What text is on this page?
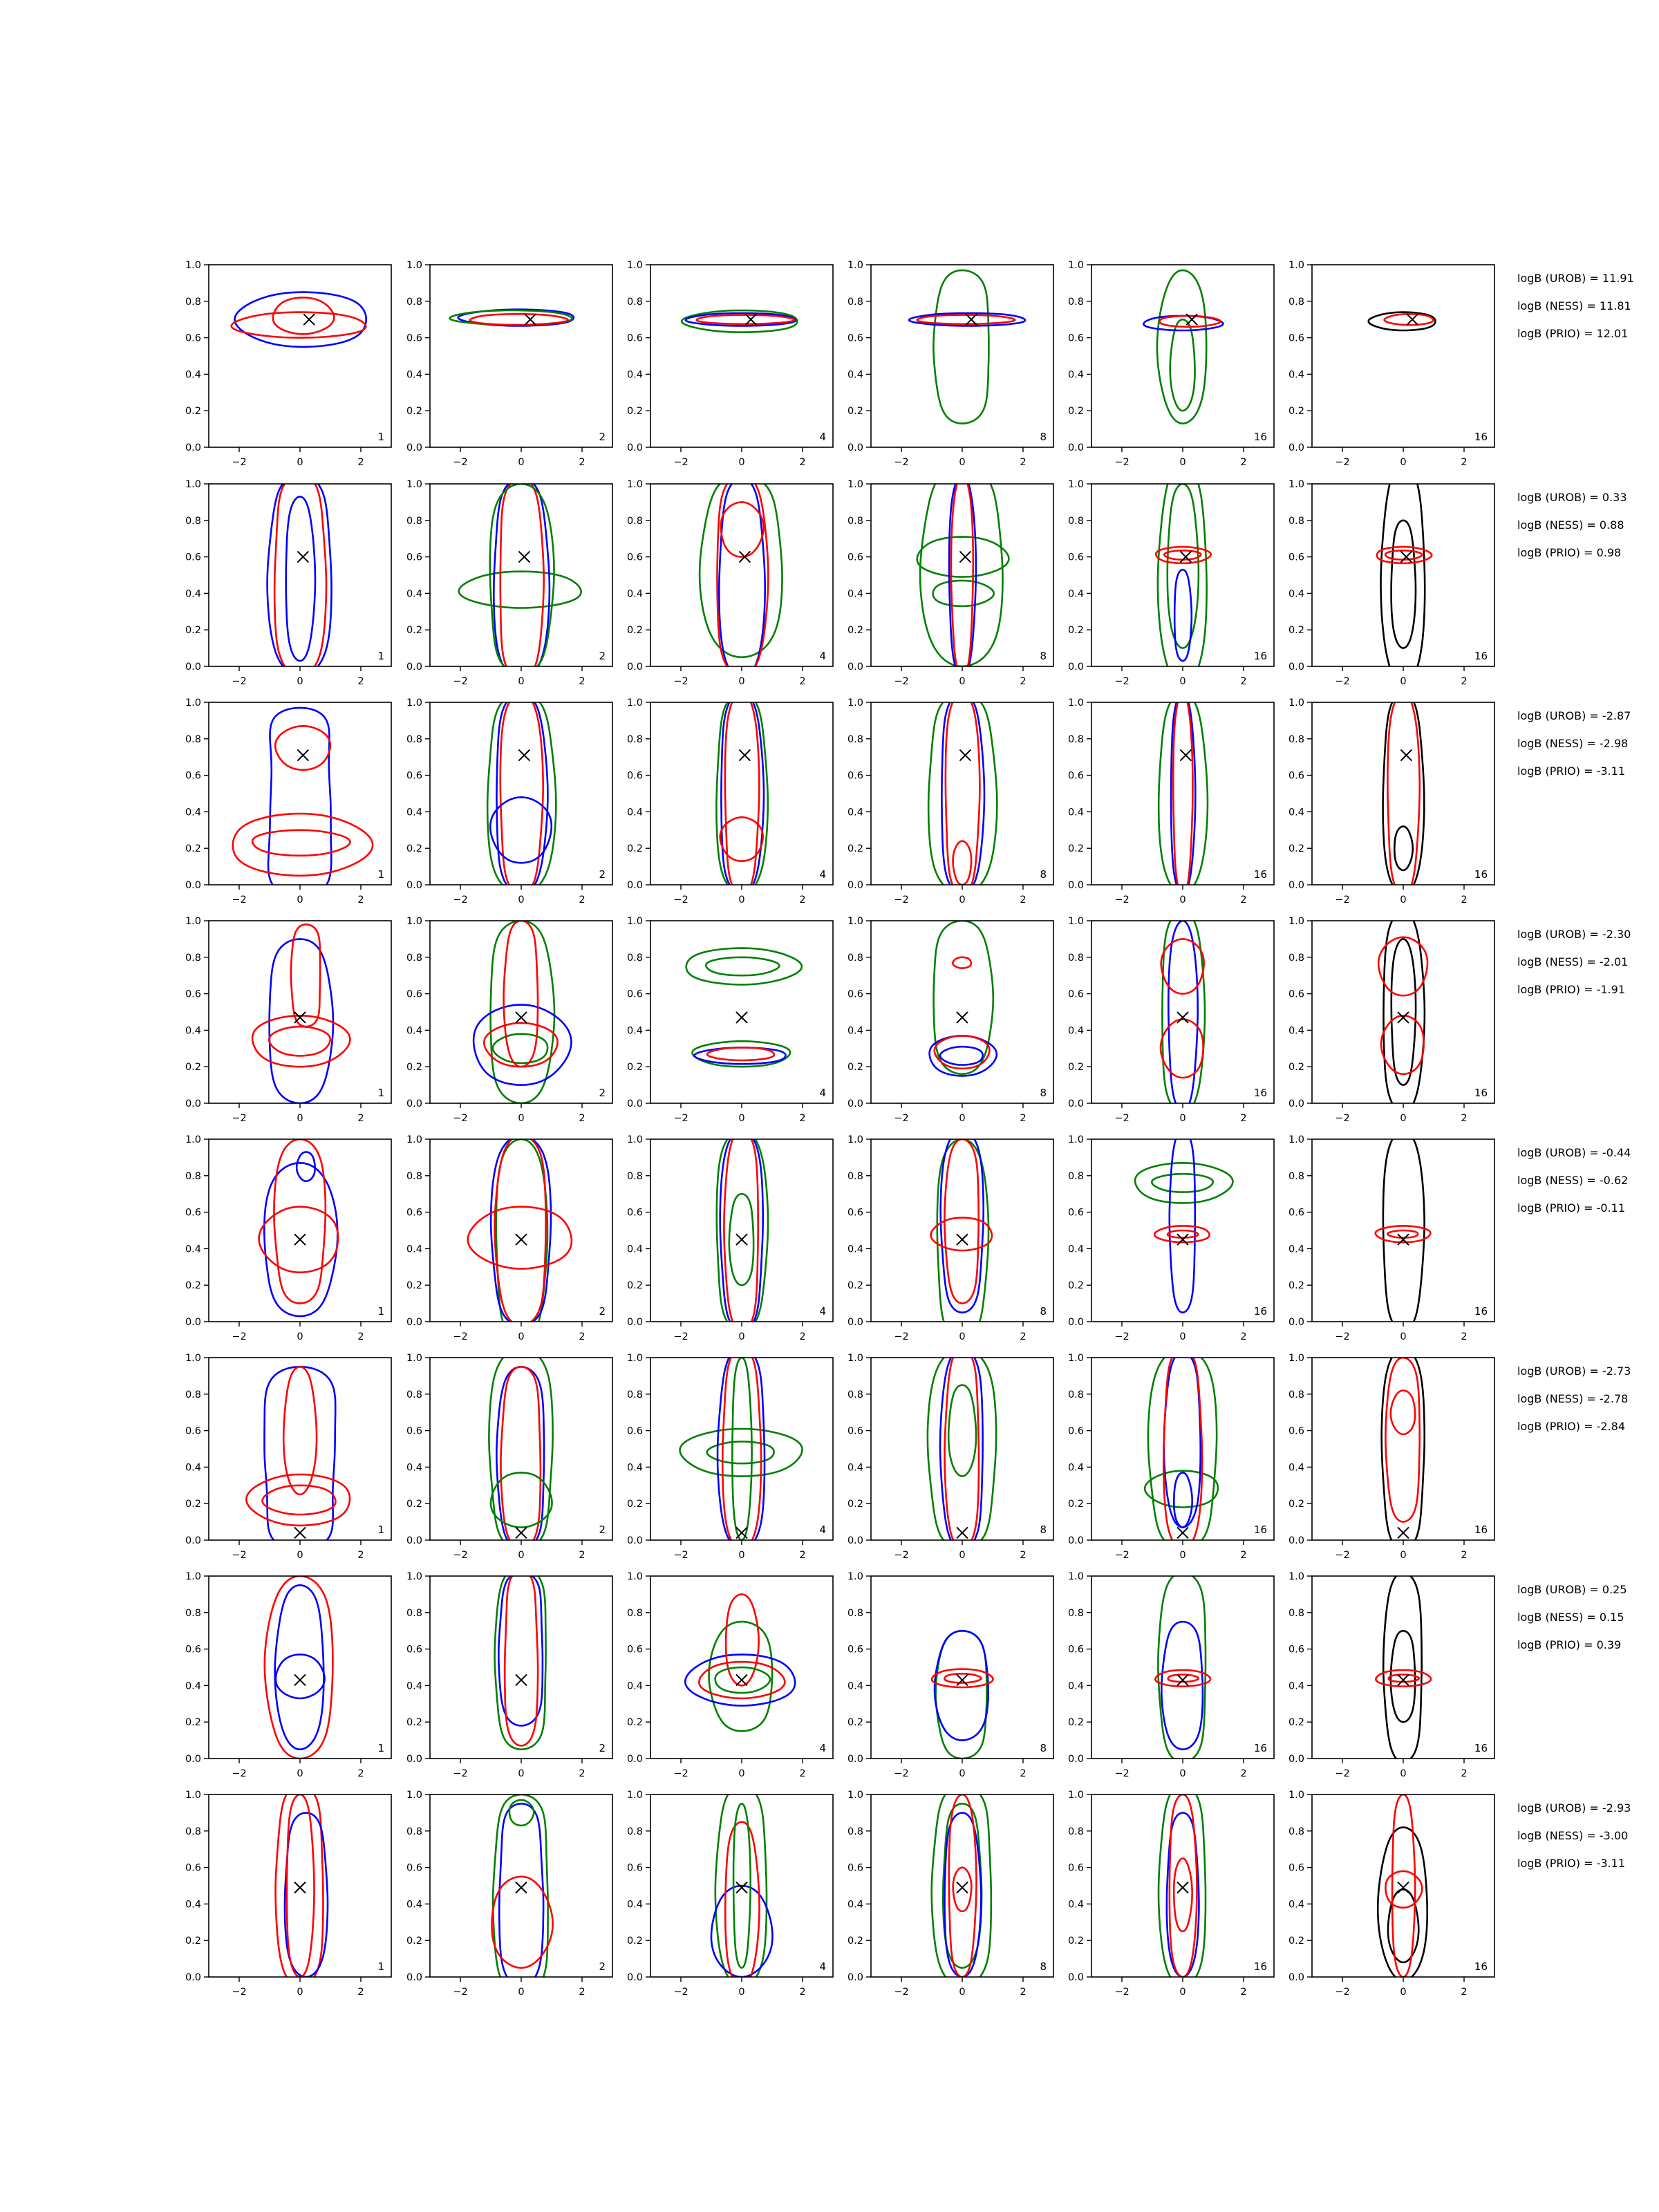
−2	0	2
0.0
0.2
0.4
0.6
0.8
1.0
1
−2	0	2
0.0
0.2
0.4
0.6
0.8
1.0
2
−2	0	2
0.0
0.2
0.4
0.6
0.8
1.0
4
−2	0	2
0.0
0.2
0.4
0.6
0.8
1.0
8
−2	0	2
0.0
0.2
0.4
0.6
0.8
1.0
16
−2	0	2
0.0
0.2
0.4
0.6
0.8
1.0
16
logB (UROB) = 11.91
logB (NESS) = 11.81
logB (PRIO) = 12.01
−2	0	2
0.0
0.2
0.4
0.6
0.8
1.0
1
−2	0	2
0.0
0.2
0.4
0.6
0.8
1.0
2
−2	0	2
0.0
0.2
0.4
0.6
0.8
1.0
4
−2	0	2
0.0
0.2
0.4
0.6
0.8
1.0
8
−2	0	2
0.0
0.2
0.4
0.6
0.8
1.0
16
−2	0	2
0.0
0.2
0.4
0.6
0.8
1.0
16
logB (UROB) = 0.33
logB (NESS) = 0.88
logB (PRIO) = 0.98
−2	0	2
0.0
0.2
0.4
0.6
0.8
1.0
1
−2	0	2
0.0
0.2
0.4
0.6
0.8
1.0
2
−2	0	2
0.0
0.2
0.4
0.6
0.8
1.0
4
−2	0	2
0.0
0.2
0.4
0.6
0.8
1.0
8
−2	0	2
0.0
0.2
0.4
0.6
0.8
1.0
16
−2	0	2
0.0
0.2
0.4
0.6
0.8
1.0
16
logB (UROB) = -2.87
logB (NESS) = -2.98
logB (PRIO) = -3.11
−2	0	2
0.0
0.2
0.4
0.6
0.8
1.0
1
−2	0	2
0.0
0.2
0.4
0.6
0.8
1.0
2
−2	0	2
0.0
0.2
0.4
0.6
0.8
1.0
4
−2	0	2
0.0
0.2
0.4
0.6
0.8
1.0
8
−2	0	2
0.0
0.2
0.4
0.6
0.8
1.0
16
−2	0	2
0.0
0.2
0.4
0.6
0.8
1.0
16
logB (UROB) = -2.30
logB (NESS) = -2.01
logB (PRIO) = -1.91
−2	0	2
0.0
0.2
0.4
0.6
0.8
1.0
1
−2	0	2
0.0
0.2
0.4
0.6
0.8
1.0
2
−2	0	2
0.0
0.2
0.4
0.6
0.8
1.0
4
−2	0	2
0.0
0.2
0.4
0.6
0.8
1.0
8
−2	0	2
0.0
0.2
0.4
0.6
0.8
1.0
16
−2	0	2
0.0
0.2
0.4
0.6
0.8
1.0
16
logB (UROB) = -0.44
logB (NESS) = -0.62
logB (PRIO) = -0.11
−2	0	2
0.0
0.2
0.4
0.6
0.8
1.0
1
−2	0	2
0.0
0.2
0.4
0.6
0.8
1.0
2
−2	0	2
0.0
0.2
0.4
0.6
0.8
1.0
4
−2	0	2
0.0
0.2
0.4
0.6
0.8
1.0
8
−2	0	2
0.0
0.2
0.4
0.6
0.8
1.0
16
−2	0	2
0.0
0.2
0.4
0.6
0.8
1.0
16
logB (UROB) = -2.73
logB (NESS) = -2.78
logB (PRIO) = -2.84
−2	0	2
0.0
0.2
0.4
0.6
0.8
1.0
1
−2	0	2
0.0
0.2
0.4
0.6
0.8
1.0
2
−2	0	2
0.0
0.2
0.4
0.6
0.8
1.0
4
−2	0	2
0.0
0.2
0.4
0.6
0.8
1.0
8
−2	0	2
0.0
0.2
0.4
0.6
0.8
1.0
16
−2	0	2
0.0
0.2
0.4
0.6
0.8
1.0
16
logB (UROB) = 0.25
logB (NESS) = 0.15
logB (PRIO) = 0.39
−2	0	2
0.0
0.2
0.4
0.6
0.8
1.0
1
−2	0	2
0.0
0.2
0.4
0.6
0.8
1.0
2
−2	0	2
0.0
0.2
0.4
0.6
0.8
1.0
4
−2	0	2
0.0
0.2
0.4
0.6
0.8
1.0
8
−2	0	2
0.0
0.2
0.4
0.6
0.8
1.0
16
−2	0	2
0.0
0.2
0.4
0.6
0.8
1.0
16
logB (UROB) = -2.93
logB (NESS) = -3.00
logB (PRIO) = -3.11
